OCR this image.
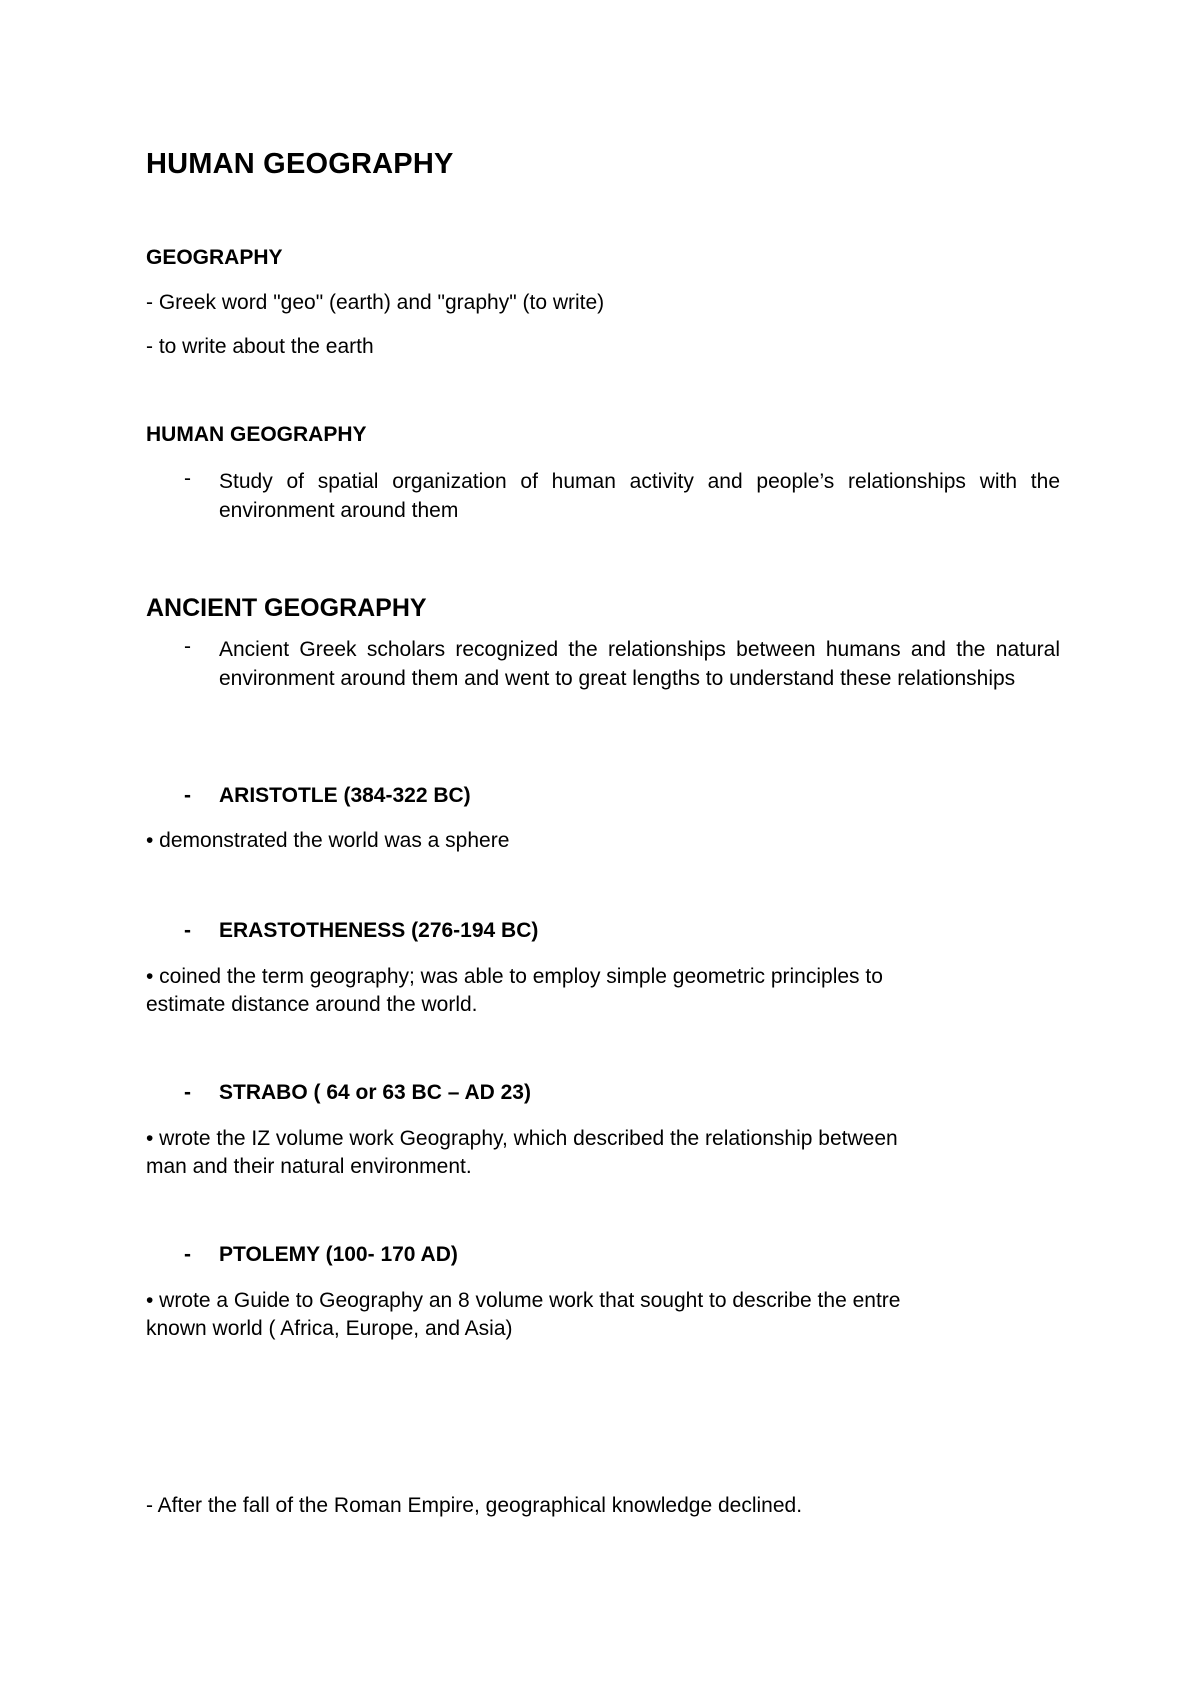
HUMAN GEOGRAPHY
GEOGRAPHY
- Greek word "geo" (earth) and "graphy" (to write)
- to write about the earth
HUMAN GEOGRAPHY
- Study of spatial organization of human activity and people’s relationships with the environment around them
ANCIENT GEOGRAPHY
- Ancient Greek scholars recognized the relationships between humans and the natural environment around them and went to great lengths to understand these relationships
- ARISTOTLE (384-322 BC)
• demonstrated the world was a sphere
- ERASTOTHENESS (276-194 BC)
• coined the term geography; was able to employ simple geometric principles to
estimate distance around the world.
- STRABO ( 64 or 63 BC – AD 23)
• wrote the IZ volume work Geography, which described the relationship between
man and their natural environment.
- PTOLEMY (100- 170 AD)
• wrote a Guide to Geography an 8 volume work that sought to describe the entre
known world ( Africa, Europe, and Asia)
- After the fall of the Roman Empire, geographical knowledge declined.
